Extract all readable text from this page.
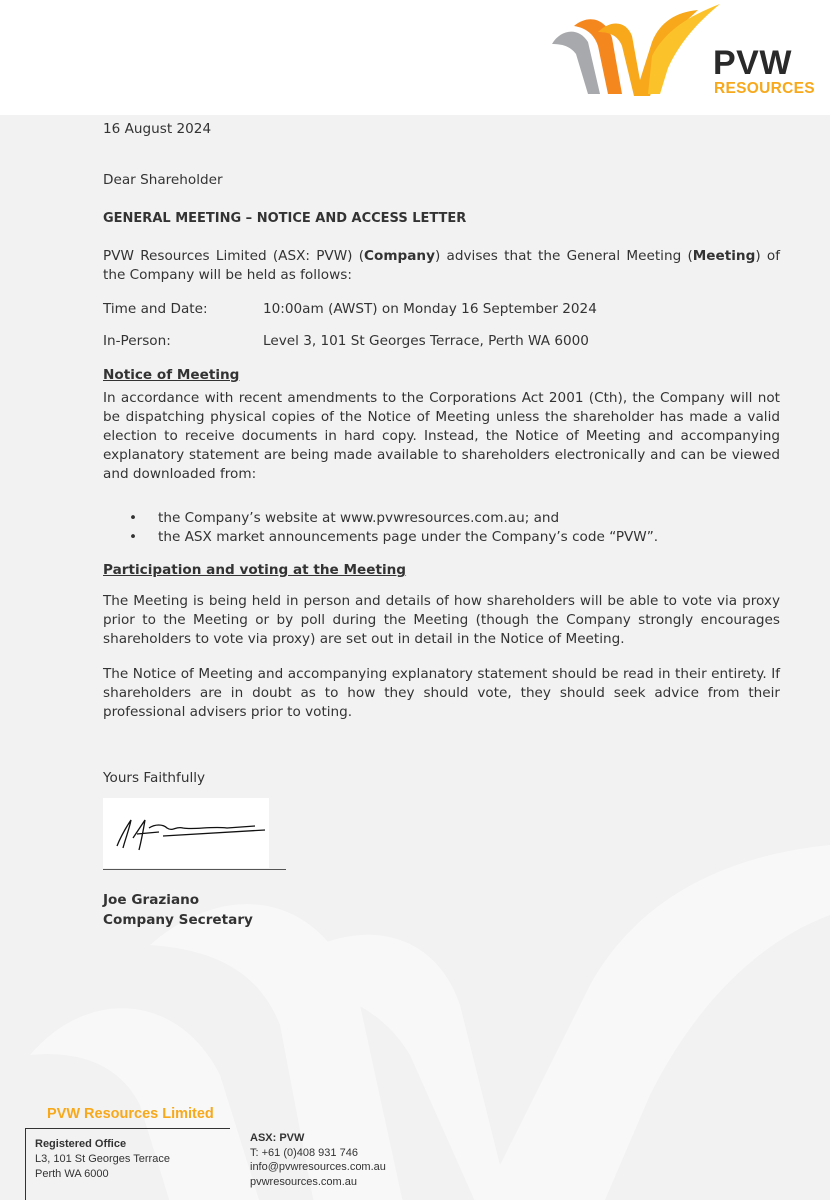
PVW
RESOURCES

16 August 2024

Dear Shareholder

GENERAL MEETING – NOTICE AND ACCESS LETTER

PVW Resources Limited (ASX: PVW) (Company) advises that the General Meeting (Meeting) of the Company will be held as follows:

Time and Date:	10:00am (AWST) on Monday 16 September 2024

In-Person:	Level 3, 101 St Georges Terrace, Perth WA 6000

Notice of Meeting

In accordance with recent amendments to the Corporations Act 2001 (Cth), the Company will not be dispatching physical copies of the Notice of Meeting unless the shareholder has made a valid election to receive documents in hard copy. Instead, the Notice of Meeting and accompanying explanatory statement are being made available to shareholders electronically and can be viewed and downloaded from:

• the Company’s website at www.pvwresources.com.au; and
• the ASX market announcements page under the Company’s code “PVW”.

Participation and voting at the Meeting

The Meeting is being held in person and details of how shareholders will be able to vote via proxy prior to the Meeting or by poll during the Meeting (though the Company strongly encourages shareholders to vote via proxy) are set out in detail in the Notice of Meeting.

The Notice of Meeting and accompanying explanatory statement should be read in their entirety. If shareholders are in doubt as to how they should vote, they should seek advice from their professional advisers prior to voting.

Yours Faithfully

Joe Graziano

Company Secretary

PVW Resources Limited
Registered Office
L3, 101 St Georges Terrace
Perth WA 6000
ASX: PVW
T: +61 (0)408 931 746
info@pvwresources.com.au
pvwresources.com.au
